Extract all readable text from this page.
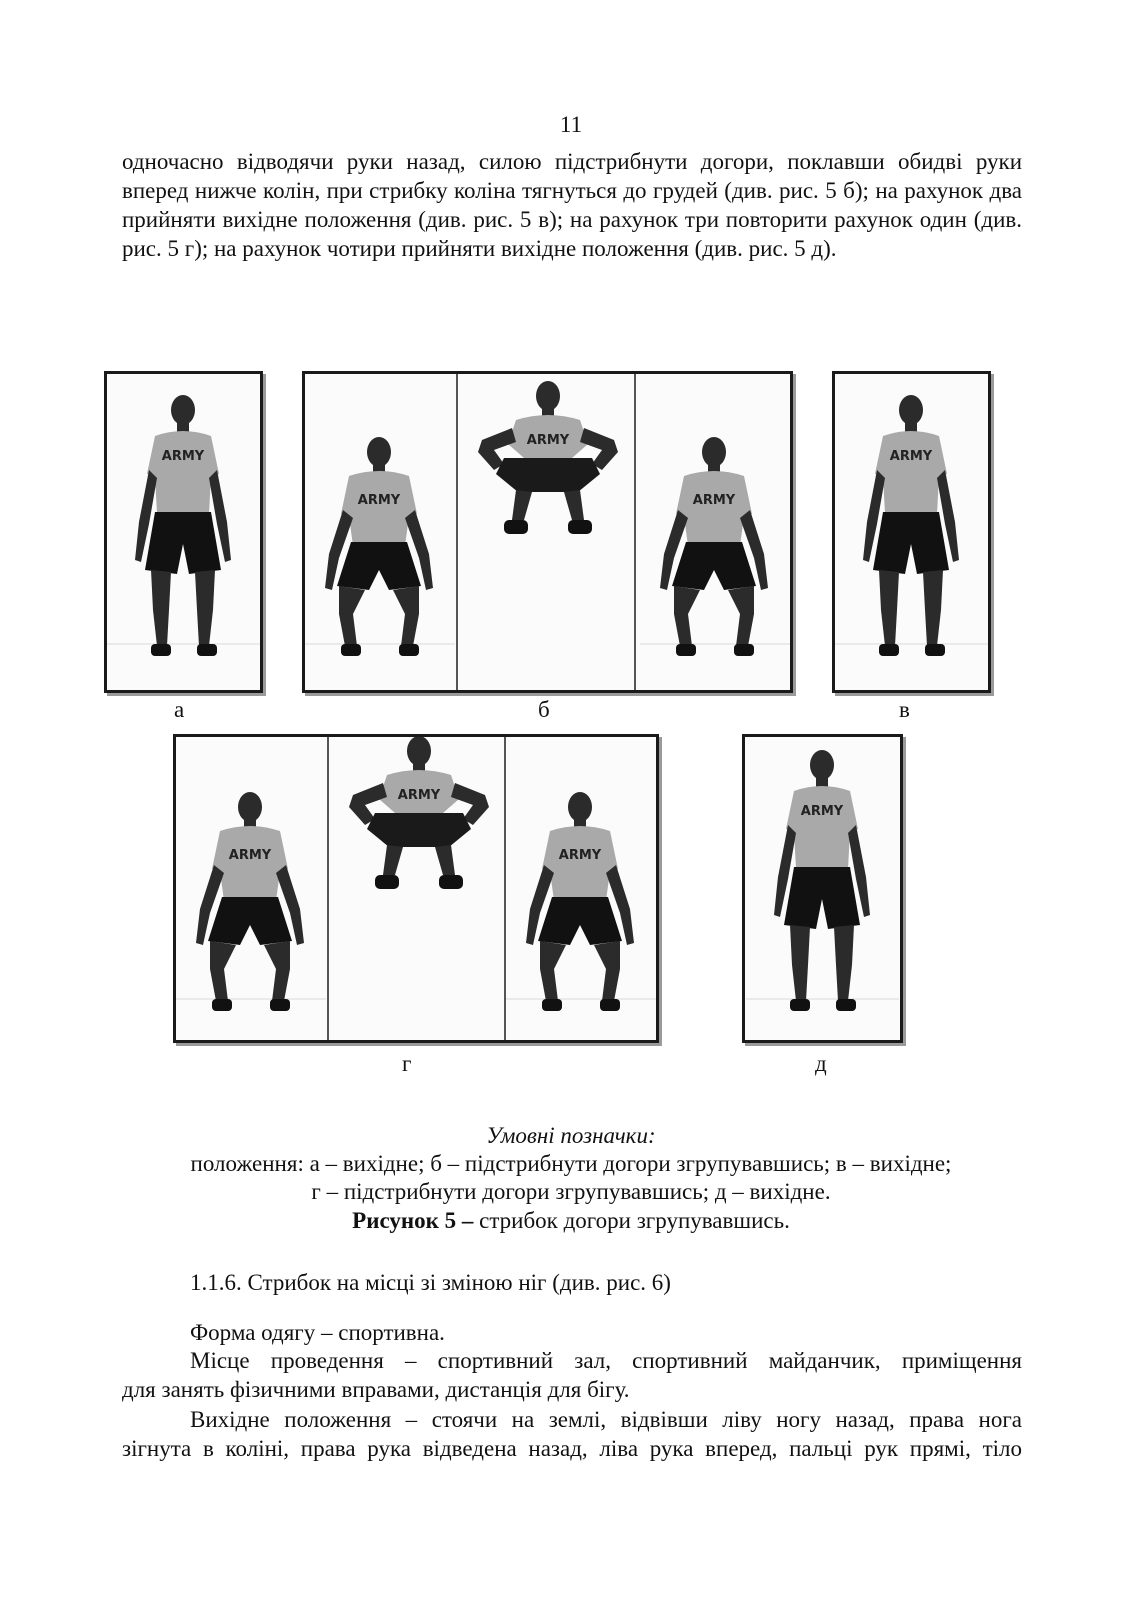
11

одночасно відводячи руки назад, силою підстрибнути догори, поклавши обидві руки вперед нижче колін, при стрибку коліна тягнуться до грудей (див. рис. 5 б); на рахунок два прийняти вихідне положення (див. рис. 5 в); на рахунок три повторити рахунок один (див. рис. 5 г); на рахунок чотири прийняти вихідне положення (див. рис. 5 д).

а	б	в
г	д
Умовні позначки:
положення: а – вихідне; б – підстрибнути догори згрупувавшись; в – вихідне;
г – підстрибнути догори згрупувавшись; д – вихідне.
Рисунок 5 – стрибок догори згрупувавшись.
1.1.6. Стрибок на місці зі зміною ніг (див. рис. 6)
Форма одягу – спортивна.
Місце проведення – спортивний зал, спортивний майданчик, приміщення
для занять фізичними вправами, дистанція для бігу.
Вихідне положення – стоячи на землі, відвівши ліву ногу назад, права нога
зігнута в коліні, права рука відведена назад, ліва рука вперед, пальці рук прямі, тіло
